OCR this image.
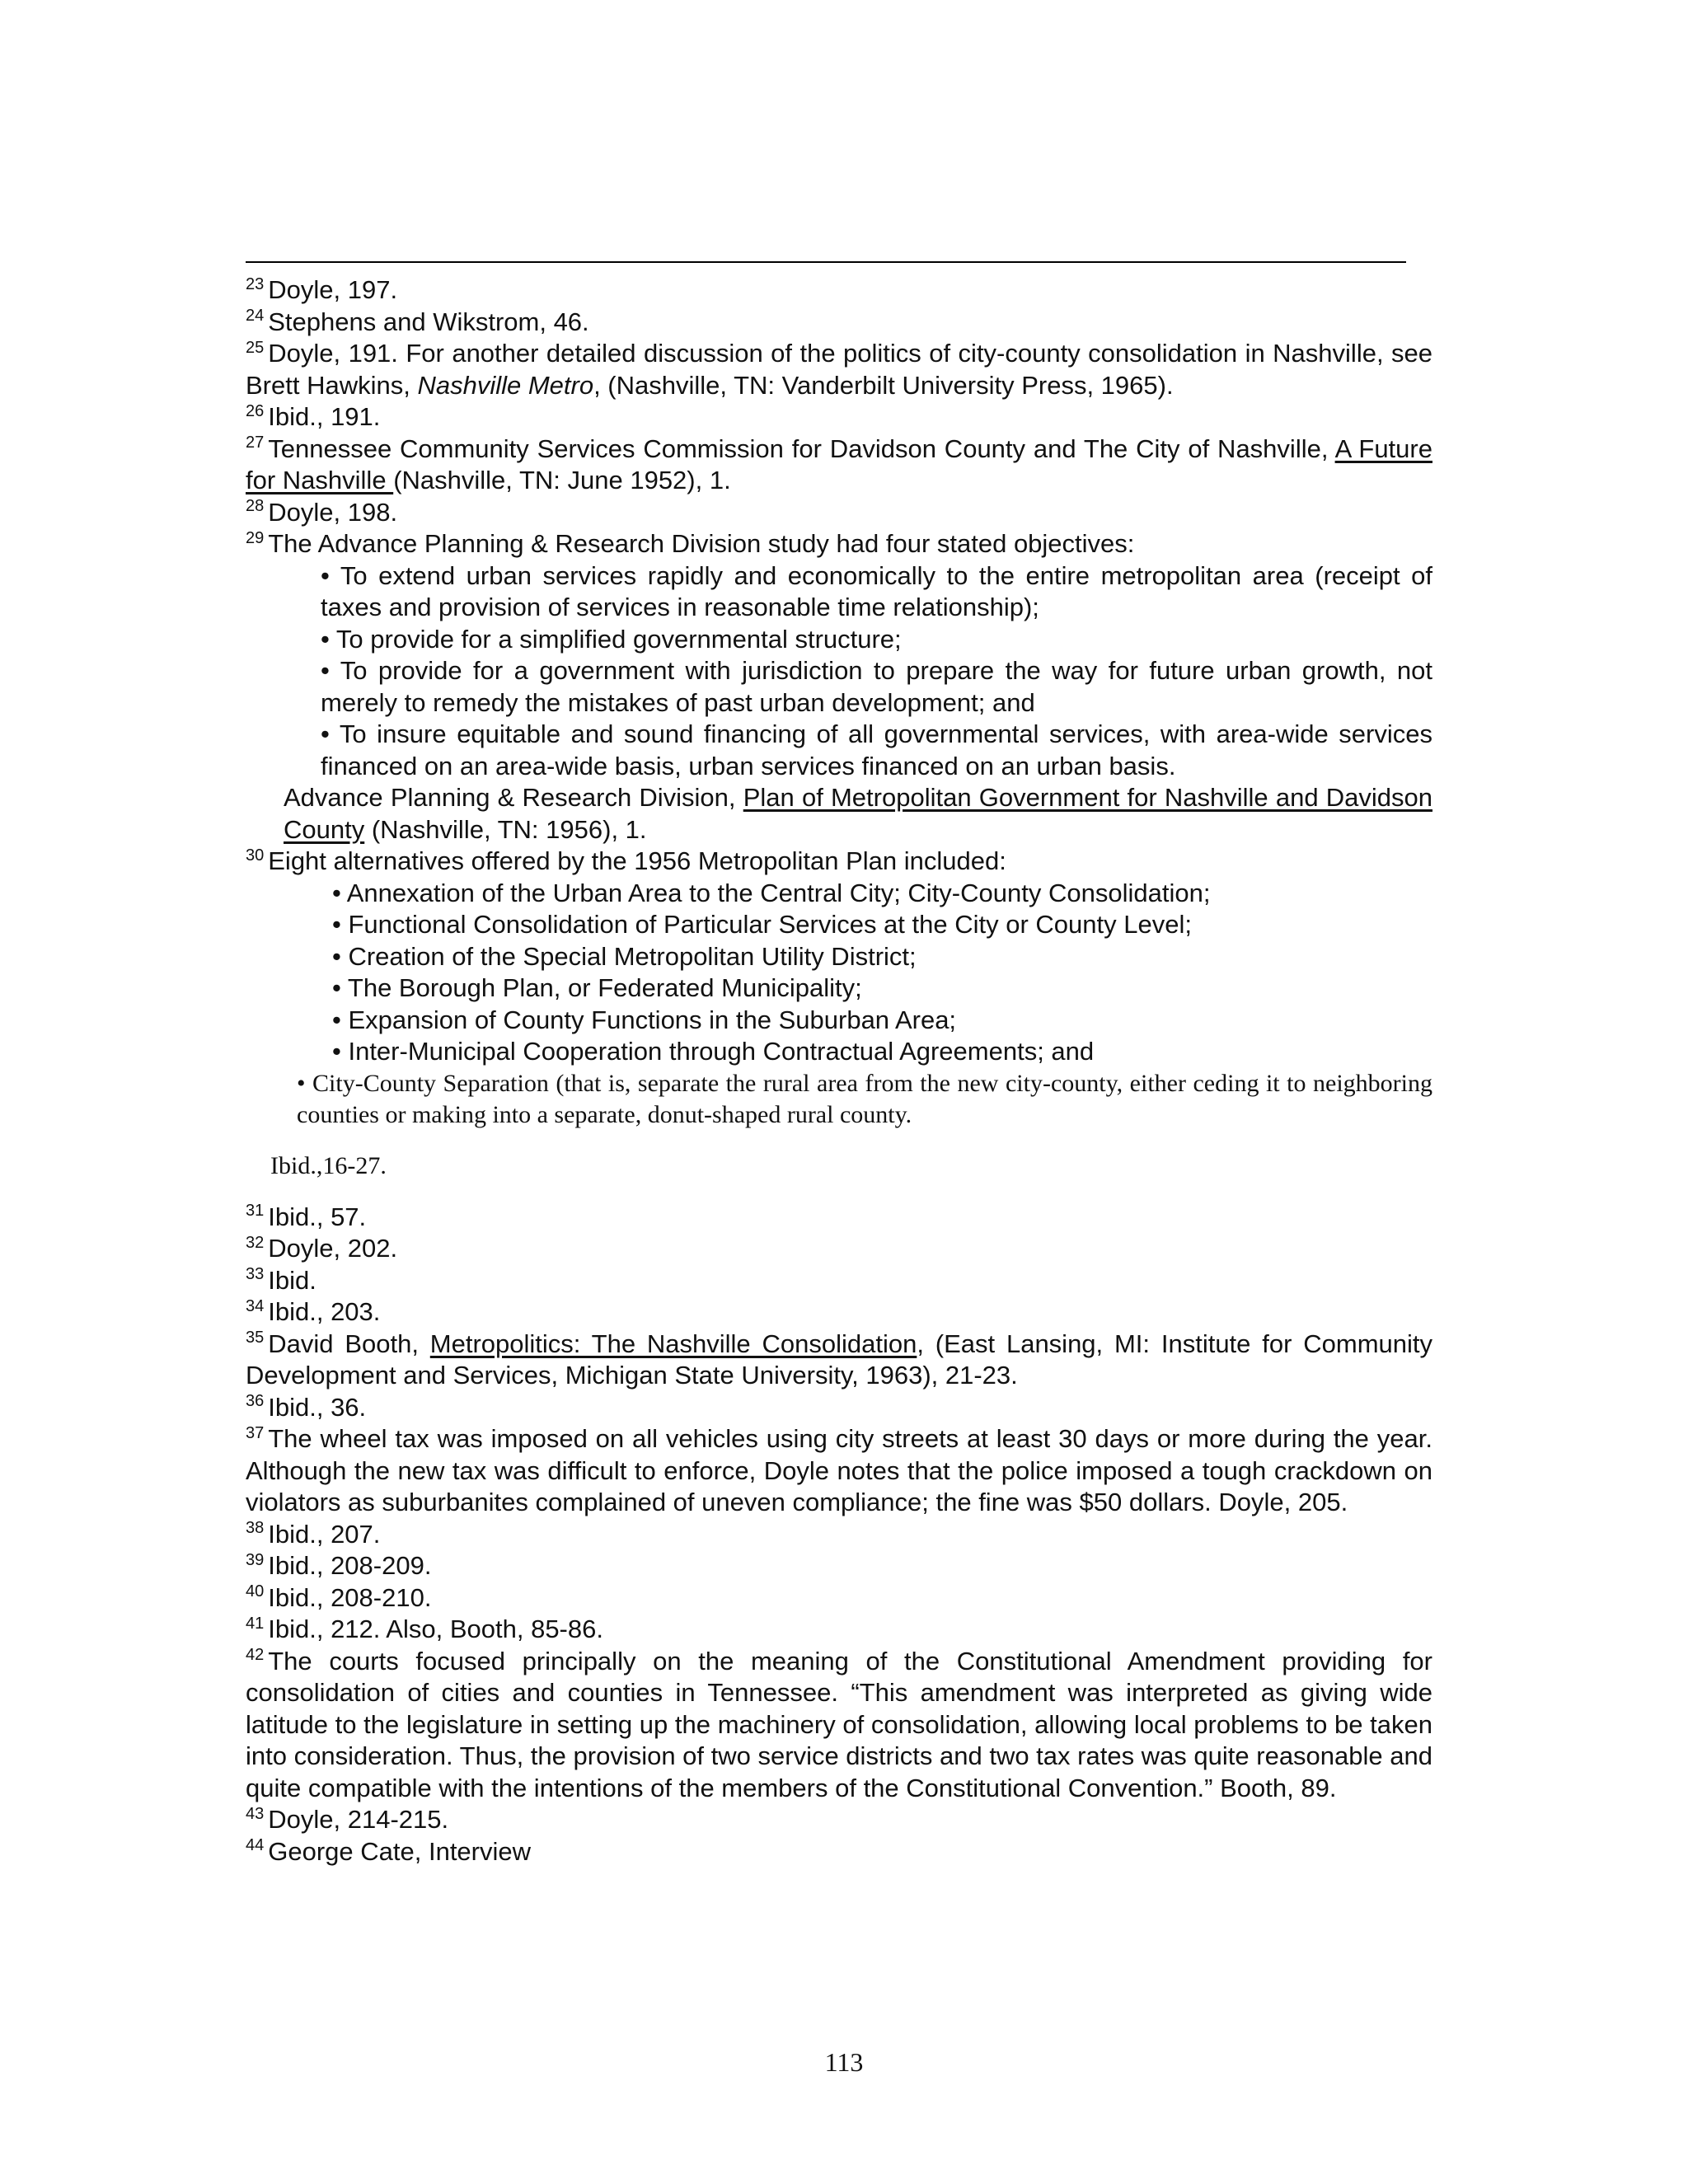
$^{23}$ Doyle, 197.

$^{24}$ Stephens and Wikstrom, 46.

$^{25}$ Doyle, 191. For another detailed discussion of the politics of city-county consolidation in Nashville, see Brett Hawkins, Nashville Metro, (Nashville, TN: Vanderbilt University Press, 1965).

$^{26}$ Ibid., 191.

$^{27}$ Tennessee Community Services Commission for Davidson County and The City of Nashville, A Future for Nashville (Nashville, TN: June 1952), 1.

$^{28}$ Doyle, 198.

$^{29}$ The Advance Planning & Research Division study had four stated objectives:

• To extend urban services rapidly and economically to the entire metropolitan area (receipt of taxes and provision of services in reasonable time relationship);

• To provide for a simplified governmental structure;

• To provide for a government with jurisdiction to prepare the way for future urban growth, not merely to remedy the mistakes of past urban development; and

• To insure equitable and sound financing of all governmental services, with area-wide services financed on an area-wide basis, urban services financed on an urban basis.

Advance Planning & Research Division, Plan of Metropolitan Government for Nashville and Davidson County (Nashville, TN: 1956), 1.

$^{30}$ Eight alternatives offered by the 1956 Metropolitan Plan included:

• Annexation of the Urban Area to the Central City; City-County Consolidation;

• Functional Consolidation of Particular Services at the City or County Level;

• Creation of the Special Metropolitan Utility District;

• The Borough Plan, or Federated Municipality;

• Expansion of County Functions in the Suburban Area;

• Inter-Municipal Cooperation through Contractual Agreements; and

• City-County Separation (that is, separate the rural area from the new city-county, either ceding it to neighboring counties or making into a separate, donut-shaped rural county.

Ibid.,16-27.

$^{31}$ Ibid., 57.

$^{32}$ Doyle, 202.

$^{33}$ Ibid.

$^{34}$ Ibid., 203.

$^{35}$ David Booth, Metropolitics: The Nashville Consolidation, (East Lansing, MI: Institute for Community Development and Services, Michigan State University, 1963), 21-23.

$^{36}$ Ibid., 36.

$^{37}$ The wheel tax was imposed on all vehicles using city streets at least 30 days or more during the year. Although the new tax was difficult to enforce, Doyle notes that the police imposed a tough crackdown on violators as suburbanites complained of uneven compliance; the fine was $50 dollars. Doyle, 205.

$^{38}$ Ibid., 207.

$^{39}$ Ibid., 208-209.

$^{40}$ Ibid., 208-210.

$^{41}$ Ibid., 212. Also, Booth, 85-86.

$^{42}$ The courts focused principally on the meaning of the Constitutional Amendment providing for consolidation of cities and counties in Tennessee. “This amendment was interpreted as giving wide latitude to the legislature in setting up the machinery of consolidation, allowing local problems to be taken into consideration. Thus, the provision of two service districts and two tax rates was quite reasonable and quite compatible with the intentions of the members of the Constitutional Convention.” Booth, 89.

$^{43}$ Doyle, 214-215.

$^{44}$ George Cate, Interview

113
